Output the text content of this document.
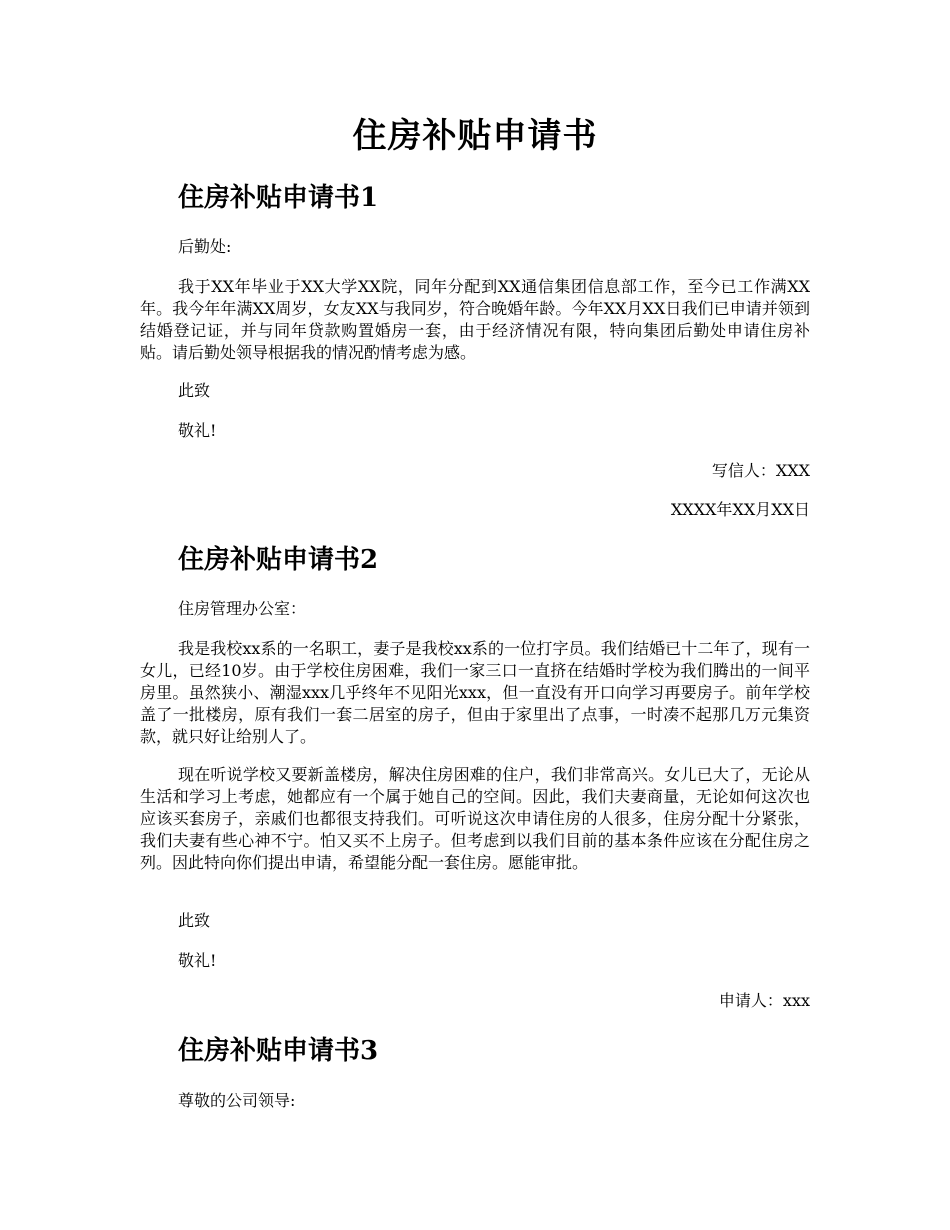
住房补贴申请书
住房补贴申请书1

后勤处:

我于XX年毕业于XX大学XX院，同年分配到XX通信集团信息部工作，至今已工作满XX年。我今年年满XX周岁，女友XX与我同岁，符合晚婚年龄。今年XX月XX日我们已申请并领到结婚登记证，并与同年贷款购置婚房一套，由于经济情况有限，特向集团后勤处申请住房补贴。请后勤处领导根据我的情况酌情考虑为感。

此致

敬礼!

写信人：XXX

XXXX年XX月XX日

住房补贴申请书2

住房管理办公室：

我是我校xx系的一名职工，妻子是我校xx系的一位打字员。我们结婚已十二年了，现有一女儿，已经10岁。由于学校住房困难，我们一家三口一直挤在结婚时学校为我们腾出的一间平房里。虽然狭小、潮湿xxx几乎终年不见阳光xxx，但一直没有开口向学习再要房子。前年学校盖了一批楼房，原有我们一套二居室的房子，但由于家里出了点事，一时凑不起那几万元集资款，就只好让给别人了。

现在听说学校又要新盖楼房，解决住房困难的住户，我们非常高兴。女儿已大了，无论从生活和学习上考虑，她都应有一个属于她自己的空间。因此，我们夫妻商量，无论如何这次也应该买套房子，亲戚们也都很支持我们。可听说这次申请住房的人很多，住房分配十分紧张，我们夫妻有些心神不宁。怕又买不上房子。但考虑到以我们目前的基本条件应该在分配住房之列。因此特向你们提出申请，希望能分配一套住房。愿能审批。

此致

敬礼!

申请人：xxx

住房补贴申请书3

尊敬的公司领导:
